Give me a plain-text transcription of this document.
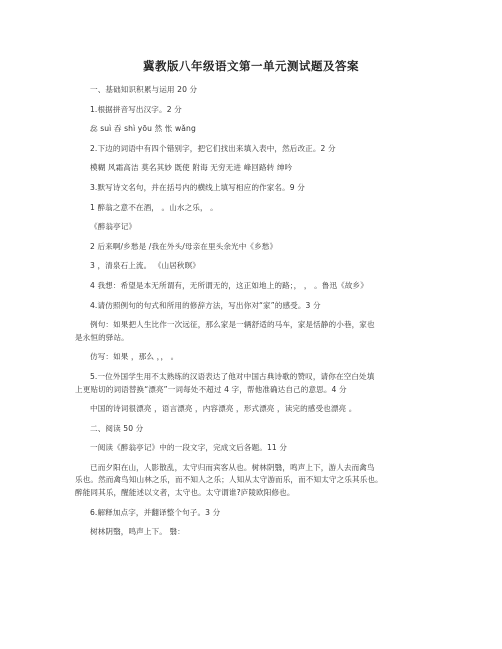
冀教版八年级语文第一单元测试题及答案
一、基础知识积累与运用 20 分
1.根据拼音写出汉字。2 分
惢 suì 吞 shì yōu 然 怅 wǎng
2.下边的词语中有四个错别字，把它们找出来填入表中，然后改正。2 分
模糊 风霜高洁 莫名其妙 既使 附诲 无穷无进 峰回路转 绅吟
3.默写诗文名句，并在括号内的横线上填写相应的作家名。9 分
1 醉翁之意不在酒， 。山水之乐， 。
《醉翁亭记》
2 后来啊/乡愁是 /我在外头/母亲在里头余光中《乡愁》
3 ，清泉石上流。 《山居秋暝》
4 我想：希望是本无所谓有，无所谓无的，这正如地上的路；， ， 。鲁迅《故乡》
4.请仿照例句的句式和所用的修辞方法，写出你对“家”的感受。3 分
例句：如果把人生比作一次远征，那么家是一辆舒适的马车，家是恬静的小巷，家也
是永恒的驿站。
仿写：如果 ，那么 ，， 。
5.一位外国学生用不太熟练的汉语表达了他对中国古典诗歌的赞叹，请你在空白处填
上更贴切的词语替换“漂亮”一词每处不超过 4 字，帮他准确达自己的意思。4 分
中国的诗词很漂亮 ，语言漂亮 ，内容漂亮 ，形式漂亮 ，读完的感受也漂亮 。
二、阅读 50 分
一阅读《醉翁亭记》中的一段文字，完成文后各题。11 分
已而夕阳在山，人影散乱，太守归而宾客从也。树林阴翳，鸣声上下，游人去而禽鸟
乐也。然而禽鸟知山林之乐，而不知人之乐；人知从太守游而乐，而不知太守之乐其乐也。
醉能同其乐，醒能述以文者，太守也。太守谓谁?庐陵欧阳修也。
6.解释加点字，并翻译整个句子。3 分
树林阴翳，鸣声上下。 翳：
